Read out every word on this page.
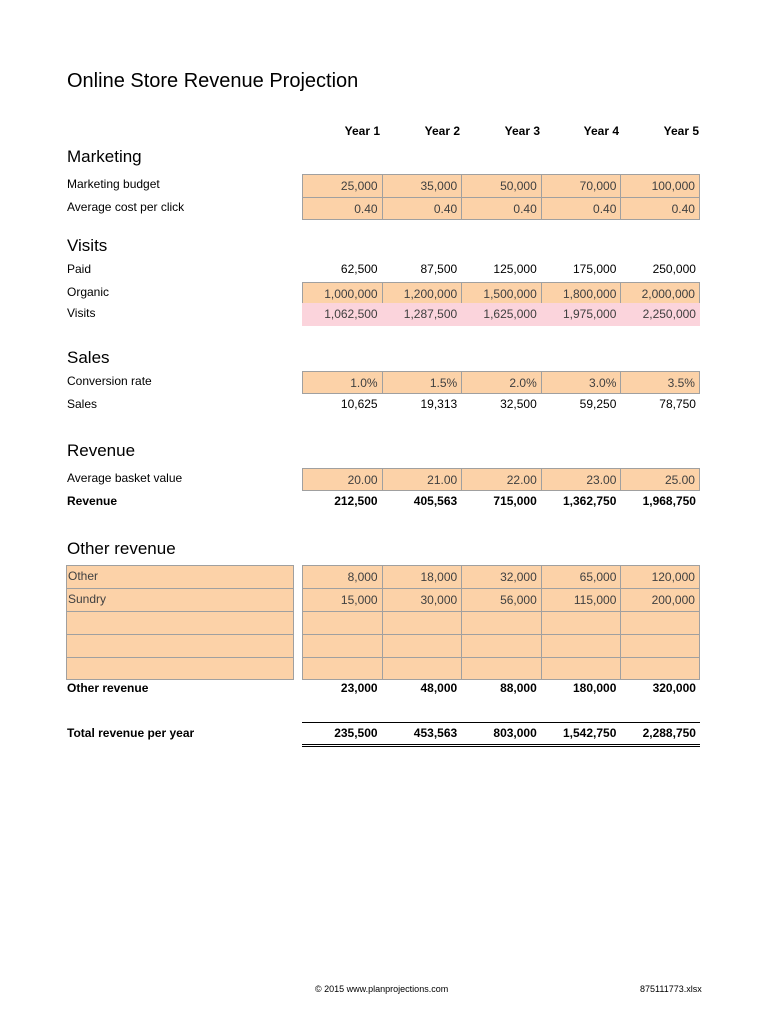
Online Store Revenue Projection
Year 1	Year 2	Year 3	Year 4	Year 5
Marketing
Marketing budget	25,000	35,000	50,000	70,000	100,000
Average cost per click	0.40	0.40	0.40	0.40	0.40
Visits
Paid	62,500	87,500	125,000	175,000	250,000
Organic	1,000,000	1,200,000	1,500,000	1,800,000	2,000,000
Visits	1,062,500	1,287,500	1,625,000	1,975,000	2,250,000
Sales
Conversion rate	1.0%	1.5%	2.0%	3.0%	3.5%
Sales	10,625	19,313	32,500	59,250	78,750
Revenue
Average basket value	20.00	21.00	22.00	23.00	25.00
Revenue	212,500	405,563	715,000	1,362,750	1,968,750
Other revenue
Other	8,000	18,000	32,000	65,000	120,000
Sundry	15,000	30,000	56,000	115,000	200,000
Other revenue	23,000	48,000	88,000	180,000	320,000
Total revenue per year	235,500	453,563	803,000	1,542,750	2,288,750
© 2015 www.planprojections.com	875111773.xlsx
